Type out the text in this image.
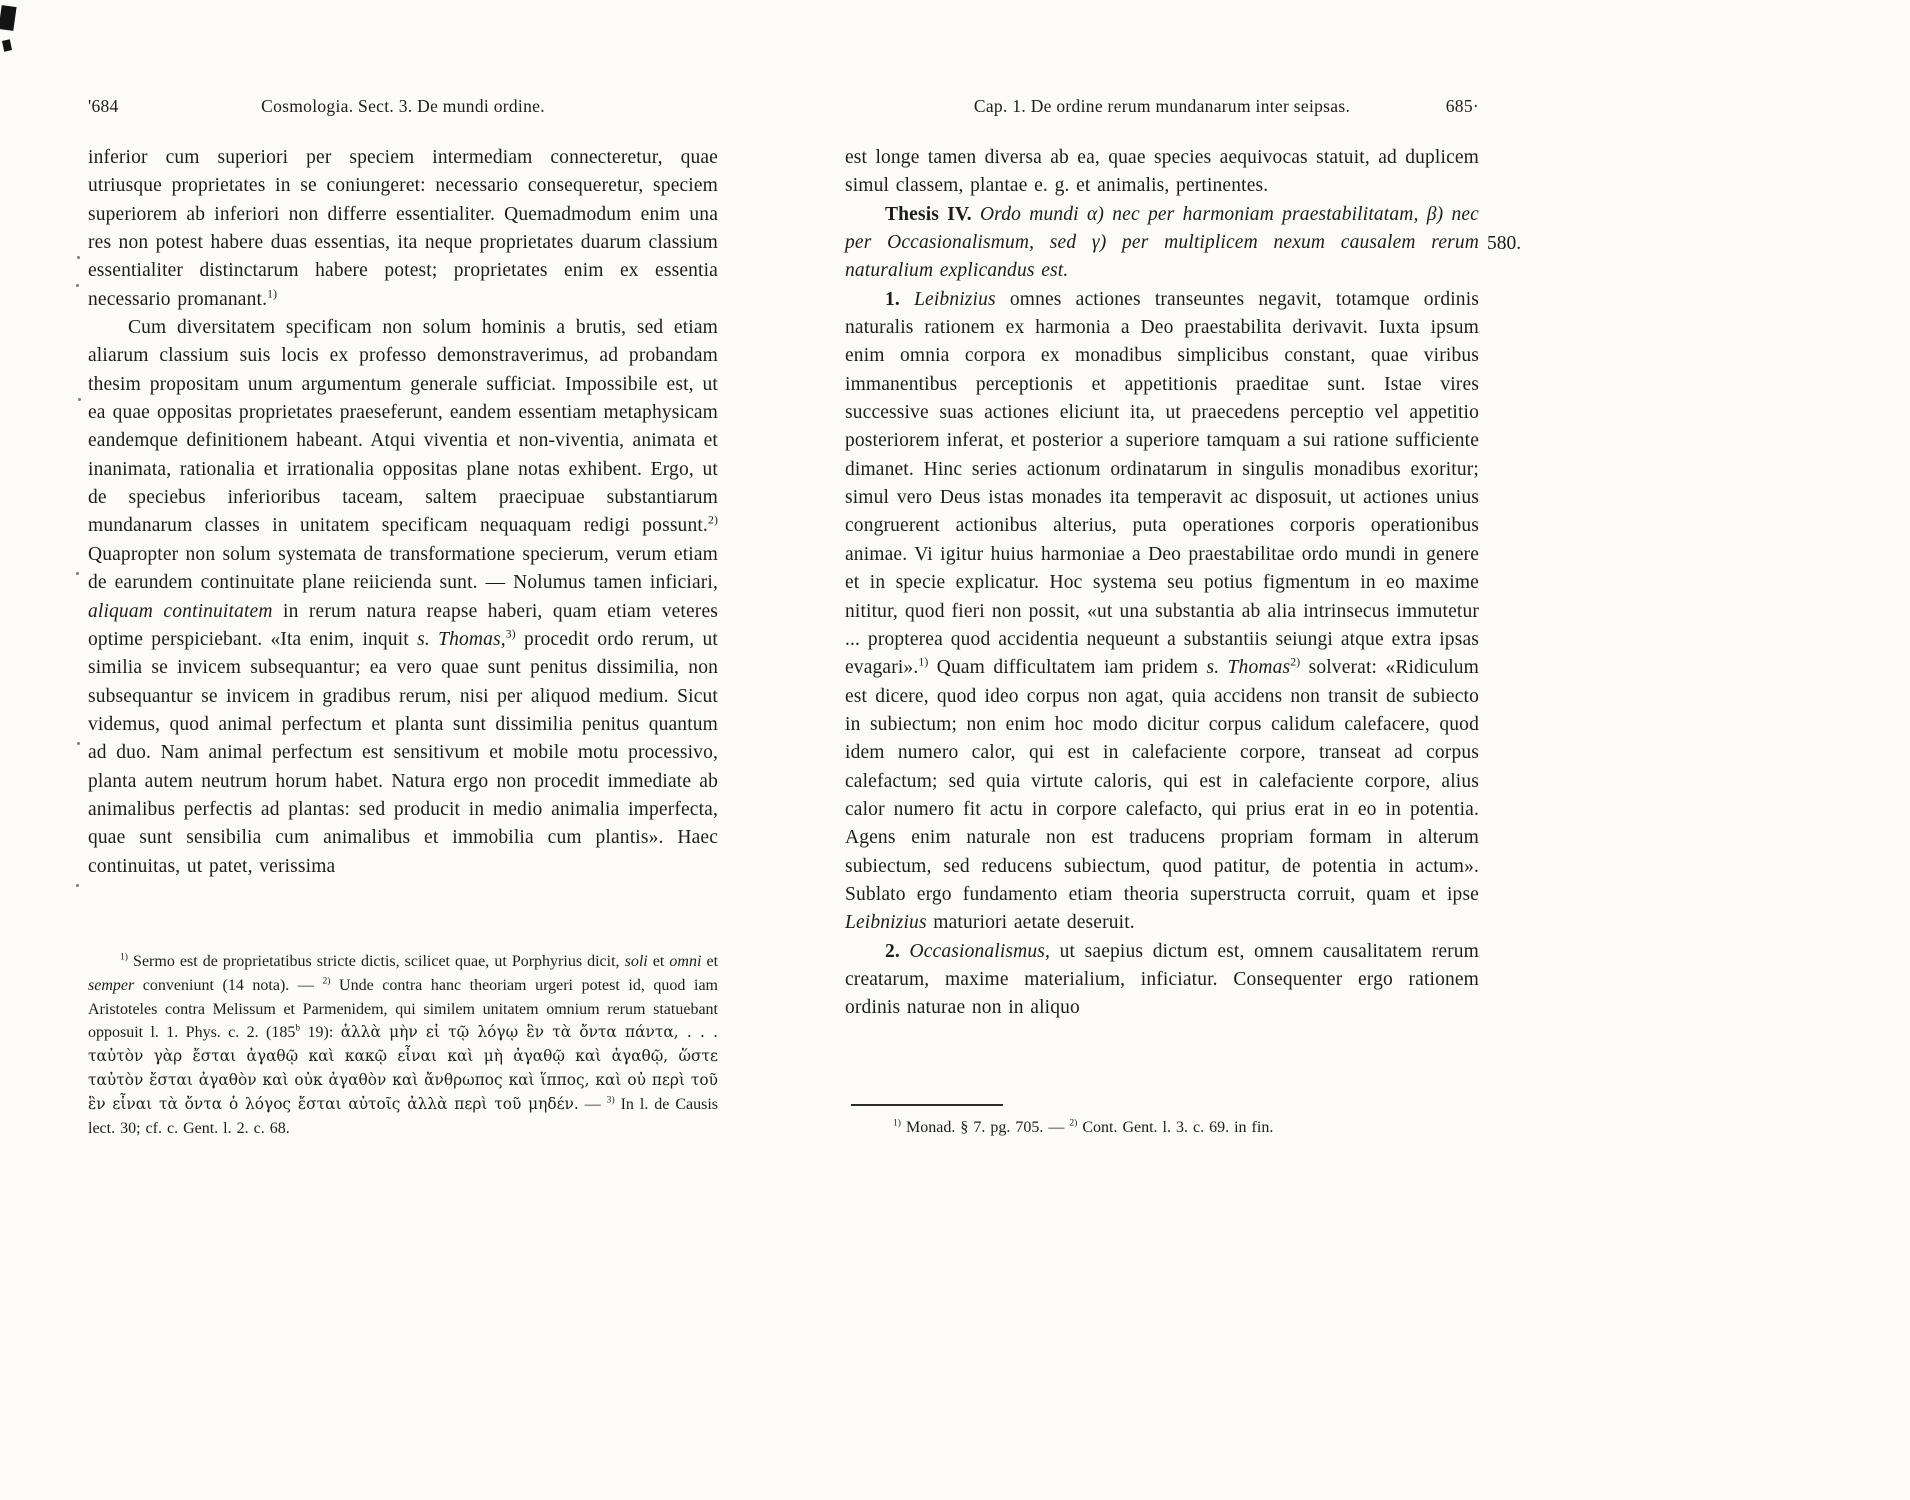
'684	Cosmologia. Sect. 3. De mundi ordine.

inferior cum superiori per speciem intermediam connecteretur, quae utriusque proprietates in se coniungeret: necessario consequeretur, speciem superiorem ab inferiori non differre essentialiter. Quemadmodum enim una res non potest habere duas essentias, ita neque proprietates duarum classium essentialiter distinctarum habere potest; proprietates enim ex essentia necessario promanant.$^{1)}$

Cum diversitatem specificam non solum hominis a brutis, sed etiam aliarum classium suis locis ex professo demonstraverimus, ad probandam thesim propositam unum argumentum generale sufficiat. Impossibile est, ut ea quae oppositas proprietates praeseferunt, eandem essentiam metaphysicam eandemque definitionem habeant. Atqui viventia et non-viventia, animata et inanimata, rationalia et irrationalia oppositas plane notas exhibent. Ergo, ut de speciebus inferioribus taceam, saltem praecipuae substantiarum mundanarum classes in unitatem specificam nequaquam redigi possunt.$^{2)}$ Quapropter non solum systemata de transformatione specierum, verum etiam de earundem continuitate plane reiicienda sunt. — Nolumus tamen inficiari, aliquam continuitatem in rerum natura reapse haberi, quam etiam veteres optime perspiciebant. «Ita enim, inquit s. Thomas,$^{3)}$ procedit ordo rerum, ut similia se invicem subsequantur; ea vero quae sunt penitus dissimilia, non subsequantur se invicem in gradibus rerum, nisi per aliquod medium. Sicut videmus, quod animal perfectum et planta sunt dissimilia penitus quantum ad duo. Nam animal perfectum est sensitivum et mobile motu processivo, planta autem neutrum horum habet. Natura ergo non procedit immediate ab animalibus perfectis ad plantas: sed producit in medio animalia imperfecta, quae sunt sensibilia cum animalibus et immobilia cum plantis». Haec continuitas, ut patet, verissima

$^{1)}$ Sermo est de proprietatibus stricte dictis, scilicet quae, ut Porphyrius dicit, soli et omni et semper conveniunt (14 nota). — $^{2)}$ Unde contra hanc theoriam urgeri potest id, quod iam Aristoteles contra Melissum et Parmenidem, qui similem unitatem omnium rerum statuebant opposuit l. 1. Phys. c. 2. (185$^b$ 19): ἀλλὰ μὴν εἰ τῷ λόγῳ ἓν τὰ ὄντα πάντα, . . . ταὐτὸν γὰρ ἔσται ἀγαθῷ καὶ κακῷ εἶναι καὶ μὴ ἀγαθῷ καὶ ἀγαθῷ, ὥστε ταὐτὸν ἔσται ἀγαθὸν καὶ οὐκ ἀγαθὸν καὶ ἄνθρωπος καὶ ἵππος, καὶ οὐ περὶ τοῦ ἓν εἶναι τὰ ὄντα ὁ λόγος ἔσται αὐτοῖς ἀλλὰ περὶ τοῦ μηδέν. — $^{3)}$ In l. de Causis lect. 30; cf. c. Gent. l. 2. c. 68.

Cap. 1. De ordine rerum mundanarum inter seipsas.	685·

est longe tamen diversa ab ea, quae species aequivocas statuit, ad duplicem simul classem, plantae e. g. et animalis, pertinentes.

Thesis IV. Ordo mundi α) nec per harmoniam praestabilitatam, β) nec per Occasionalismum, sed γ) per multiplicem nexum causalem rerum naturalium explicandus est.

1. Leibnizius omnes actiones transeuntes negavit, totamque ordinis naturalis rationem ex harmonia a Deo praestabilita derivavit. Iuxta ipsum enim omnia corpora ex monadibus simplicibus constant, quae viribus immanentibus perceptionis et appetitionis praeditae sunt. Istae vires successive suas actiones eliciunt ita, ut praecedens perceptio vel appetitio posteriorem inferat, et posterior a superiore tamquam a sui ratione sufficiente dimanet. Hinc series actionum ordinatarum in singulis monadibus exoritur; simul vero Deus istas monades ita temperavit ac disposuit, ut actiones unius congruerent actionibus alterius, puta operationes corporis operationibus animae. Vi igitur huius harmoniae a Deo praestabilitae ordo mundi in genere et in specie explicatur. Hoc systema seu potius figmentum in eo maxime nititur, quod fieri non possit, «ut una substantia ab alia intrinsecus immutetur ... propterea quod accidentia nequeunt a substantiis seiungi atque extra ipsas evagari».$^{1)}$ Quam difficultatem iam pridem s. Thomas$^{2)}$ solverat: «Ridiculum est dicere, quod ideo corpus non agat, quia accidens non transit de subiecto in subiectum; non enim hoc modo dicitur corpus calidum calefacere, quod idem numero calor, qui est in calefaciente corpore, transeat ad corpus calefactum; sed quia virtute caloris, qui est in calefaciente corpore, alius calor numero fit actu in corpore calefacto, qui prius erat in eo in potentia. Agens enim naturale non est traducens propriam formam in alterum subiectum, sed reducens subiectum, quod patitur, de potentia in actum». Sublato ergo fundamento etiam theoria superstructa corruit, quam et ipse Leibnizius maturiori aetate deseruit.

2. Occasionalismus, ut saepius dictum est, omnem causalitatem rerum creatarum, maxime materialium, inficiatur. Consequenter ergo rationem ordinis naturae non in aliquo

$^{1)}$ Monad. § 7. pg. 705. — $^{2)}$ Cont. Gent. l. 3. c. 69. in fin.

580.
